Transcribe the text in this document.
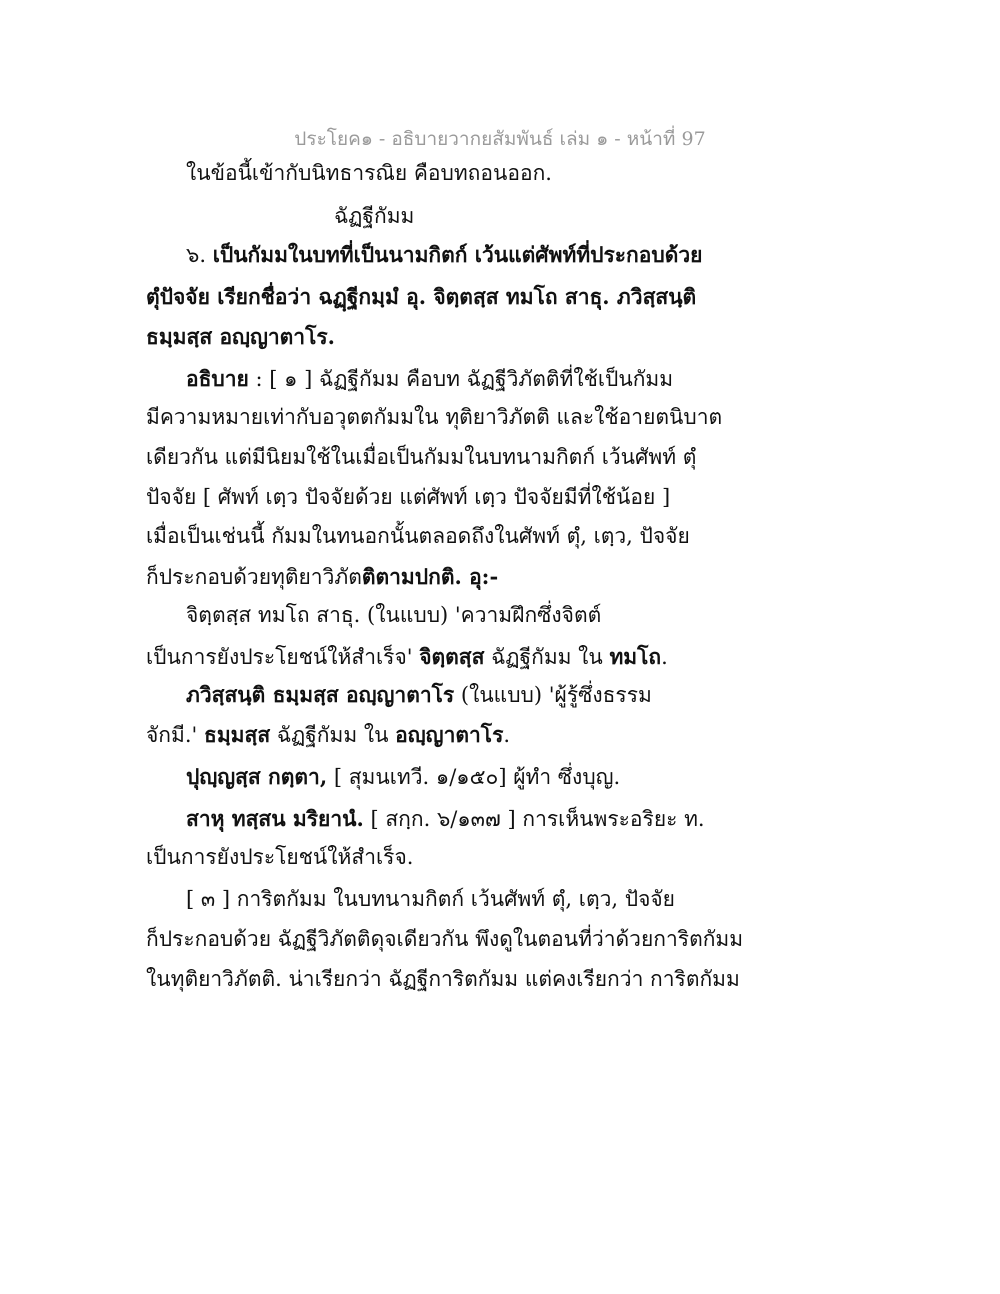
ประโยค๑ - อธิบายวากยสัมพันธ์ เล่ม ๑ - หน้าที่ 97
ในข้อนี้เข้ากับนิทธารณิย คือบทถอนออก.
ฉัฏฐีกัมม
๖. เป็นกัมมในบทที่เป็นนามกิตก์ เว้นแต่ศัพท์ที่ประกอบด้วย
ตุํปัจจัย เรียกชื่อว่า ฉฏฺฐีกมฺมํ อุ. จิตฺตสฺส ทมโถ สาธุ. ภวิสฺสนฺติ
ธมฺมสฺส อญฺญาตาโร.
อธิบาย : [ ๑ ] ฉัฏฐีกัมม คือบท ฉัฏฐีวิภัตติที่ใช้เป็นกัมม
มีความหมายเท่ากับอวุตตกัมมใน ทุติยาวิภัตติ และใช้อายตนิบาต
เดียวกัน แต่มีนิยมใช้ในเมื่อเป็นกัมมในบทนามกิตก์ เว้นศัพท์ ตุํ
ปัจจัย [ ศัพท์ เตฺว ปัจจัยด้วย แต่ศัพท์ เตฺว ปัจจัยมีที่ใช้น้อย ]
เมื่อเป็นเช่นนี้ กัมมในทนอกนั้นตลอดถึงในศัพท์ ตุํ, เตฺว, ปัจจัย
ก็ประกอบด้วยทุติยาวิภัตติตามปกติ. อุ:-
จิตฺตสฺส ทมโถ สาธุ. (ในแบบ) 'ความฝึกซึ่งจิตต์
เป็นการยังประโยชน์ให้สำเร็จ' จิตฺตสฺส ฉัฏฐีกัมม ใน ทมโถ.
ภวิสฺสนฺติ ธมฺมสฺส อญฺญาตาโร (ในแบบ) 'ผู้รู้ซึ่งธรรม
จักมี.' ธมฺมสฺส ฉัฏฐีกัมม ใน อญฺญาตาโร.
ปุญฺญสฺส กตฺตา, [ สุมนเทวี. ๑/๑๕๐] ผู้ทำ ซึ่งบุญ.
สาหุ ทสฺสน มริยานํ. [ สกฺก. ๖/๑๓๗ ] การเห็นพระอริยะ ท.
เป็นการยังประโยชน์ให้สำเร็จ.
[ ๓ ] การิตกัมม ในบทนามกิตก์ เว้นศัพท์ ตุํ, เตฺว, ปัจจัย
ก็ประกอบด้วย ฉัฏฐีวิภัตติดุจเดียวกัน พึงดูในตอนที่ว่าด้วยการิตกัมม
ในทุติยาวิภัตติ. น่าเรียกว่า ฉัฏฐีการิตกัมม แต่คงเรียกว่า การิตกัมม
